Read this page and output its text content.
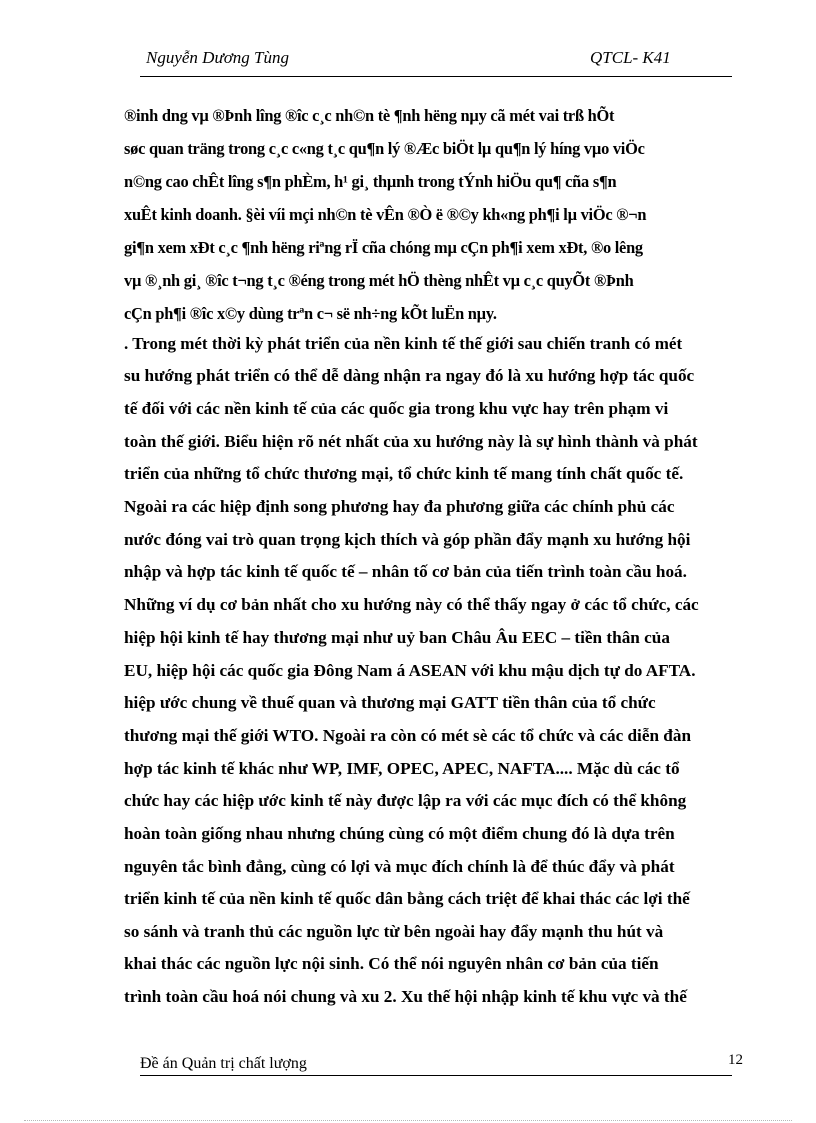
Nguyễn Dương Tùng	QTCL- K41
®inh dng vµ ®Þnh lîng ®îc c¸c nh©n tè ¶nh hëng nµy cã mét vai trß hÕt
søc quan träng trong c¸c c«ng t¸c qu¶n lý ®Æc biÖt lµ qu¶n lý híng vµo viÖc
n©ng cao chÊt lîng s¶n phÈm, h¹ gi¸ thµnh trong tÝnh hiÖu qu¶ cña s¶n
xuÊt kinh doanh. §èi víi mçi nh©n tè vÊn ®Ò ë ®©y kh«ng ph¶i lµ viÖc ®¬n
gi¶n xem xÐt c¸c ¶nh hëng riªng rÏ cña chóng mµ cÇn ph¶i xem xÐt, ®o lêng
vµ ®¸nh gi¸ ®îc t¬ng t¸c ®éng trong mét hÖ thèng nhÊt vµ c¸c quyÕt ®Þnh
cÇn ph¶i ®îc x©y dùng trªn c¬ së nh÷ng kÕt luËn nµy.
. Trong mét thời kỳ phát triển của nền kinh tế thế giới sau chiến tranh có mét
su hướng phát triển có thể dễ dàng nhận ra ngay đó là xu hướng hợp tác quốc
tế đối với các nền kinh tế của các quốc gia trong khu vực hay trên phạm vi
toàn thế giới. Biểu hiện rõ nét nhất của xu hướng này là sự hình thành và phát
triển của những tổ chức thương mại, tổ chức kinh tế mang tính chất quốc tế.
Ngoài ra các hiệp định song phương hay đa phương giữa các chính phủ các
nước đóng vai trò quan trọng kịch thích và góp phần đẩy mạnh xu hướng hội
nhập và hợp tác kinh tế quốc tế – nhân tố cơ bản của tiến trình toàn cầu hoá.
Những ví dụ cơ bản nhất cho xu hướng này có thể thấy ngay ở các tổ chức, các
hiệp hội kinh tế hay thương mại như uỷ ban Châu Âu EEC – tiền thân của
EU, hiệp hội các quốc gia Đông Nam á ASEAN với khu mậu dịch tự do AFTA.
hiệp ước chung về thuế quan và thương mại GATT tiền thân của tổ chức
thương mại thế giới WTO. Ngoài ra còn có mét sè các tổ chức và các diễn đàn
hợp tác kinh tế khác như WP, IMF, OPEC, APEC, NAFTA.... Mặc dù các tổ
chức hay các hiệp ước kinh tế này được lập ra với các mục đích có thể không
hoàn toàn giống nhau nhưng chúng cùng có một điểm chung đó là dựa trên
nguyên tắc bình đẳng, cùng có lợi và mục đích chính là để thúc đẩy và phát
triển kinh tế của nền kinh tế quốc dân bằng cách triệt để khai thác các lợi thế
so sánh và tranh thủ các nguồn lực từ bên ngoài hay đẩy mạnh thu hút và
khai thác các nguồn lực nội sinh. Có thể nói nguyên nhân cơ bản của tiến
trình toàn cầu hoá nói chung và xu 2. Xu thế hội nhập kinh tế khu vực và thế
Đề án Quản trị chất lượng	12
